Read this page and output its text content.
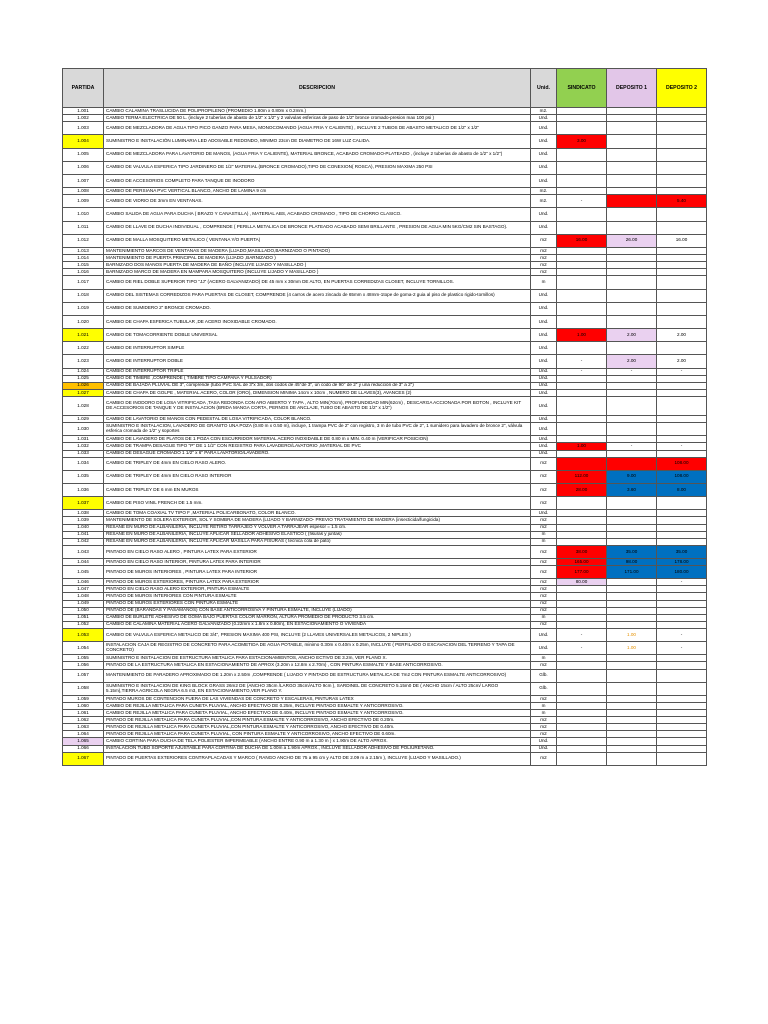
PARTIDA	DESCRIPCION	Unid.	SINDICATO	DEPOSITO 1	DEPOSITO 2
1.001	CAMBIO CALAMINA TRASLUCIDA DE POLIPROPILENO (PROMEDIO 1.80m x 0.80m x 0.2mm.)	m2.			
1.002	CAMBIO TERMA ELECTRICA DE 50 L. (incluye 2 tuberías de abasto de 1/2" x 1/2" y 2 valvulas esfericas de paso de 1/2" bronce cromado-presion max 100 psi )	Und.			
1.003	CAMBIO DE MEZCLADORA DE AGUA TIPO PICO GANZO PARA MESA, MONOCOMANDO (AGUA FRIA Y CALIENTE) , INCLUYE 2 TUBOS DE ABASTO METALICO DE 1/2" x 1/2"	Und.			
1.004	SUMINISTRO E INSTALACIÓN LUMINARIA LED ADOSABLE REDONDO, MINIMO 23cm DE DIAMETRO DE 16W LUZ CALIDA.	Und.	3.00		
1.005	CAMBIO DE MEZCLADORA PARA LAVATORIO DE MANOS, (AGUA FRIA Y CALIENTE), MATERIAL BRONCE, ACABADO CROMADO-PLATEADO , (incluye 2 tuberias de abasto de 1/2" x 1/2")	Und.			
1.006	CAMBIO DE VALVULA ESFERICA TIPO JARDINERO DE 1/2" MATERIAL (BRONCE CROMADO),TIPO DE CONEXION( ROSCA), PRESION MAXIMA 250 PSI	Und.			
1.007	CAMBIO DE ACCESORIOS COMPLETO PARA TANQUE DE INODORO	Und.			
1.008	CAMBIO DE PERSIANA PVC VERTICAL BLANCO, ANCHO DE LAMINA 9 cm	m2.			
1.009	CAMBIO DE VIDRIO DE 3mm EN VENTANAS.	m2.	-		5.40
1.010	CAMBIO SALIDA DE AGUA PARA DUCHA ( BRAZO Y CANASTILLA) , MATERIAL ABS, ACABADO CROMADO , TIPO DE CHORRO CLASICO.	Und.			
1.011	CAMBIO DE LLAVE DE DUCHA INDIVIDUAL , COMPRENDE ( PERILLA METALICA DE BRONCE PLATEADO ACABADO SEMI BRILLANTE , PRESION DE AGUA MIN 5KG/CM2 SIN BASTAGO).	Und.			
1.012	CAMBIO DE MALLA MOSQUITERO METALICO ( VENTANA Y/O PUERTA)	m2	16.00	26.00	16.00
1.013	MANTENIMIENTO MARCOS DE VENTANAS DE MADERA (LIJADO,MASILLADO,BARNIZADO O PINTADO)	m2			
1.014	MANTENIMIENTO DE PUERTA PRINCIPAL DE MADERA (LIJADO ,BARNIZADO )	m2			
1.015	BARNIZADO DOS MANOS PUERTA DE MADERA DE BAÑO (INCLUYE LIJADO Y MASILLADO )	m2			
1.016	BARNIZADO MARCO DE MADERA EN MAMPARA MOSQUITERO (INCLUYE LIJADO Y MASILLADO )	m2			
1.017	CAMBIO DE RIEL DOBLE SUPERIOR TIPO "JJ" (ACERO GALVANIZADO) DE 45 mm x 30mm DE ALTO, EN PUERTAS CORREDIZAS CLOSET, INCLUYE TORNILLOS.	m			
1.018	CAMBIO DEL SISTEMAS CORREDIZOS PARA PUERTAS DE CLOSET, COMPRENDE (4 carros de acero zincado de 65mm x 48mm-1tope de goma-2 guia al piso de plastico rigido-tornillos)	Und.			
1.019	CAMBIO DE SUMIDERO 2" BRONCE CROMADO.	Und.			
1.020	CAMBIO DE CHAPA ESFERICA TUBULAR ,DE ACERO INOXIDABLE CROMADO.	Und.			
1.021	CAMBIO DE TOMACORRIENTE DOBLE UNIVERSAL	Und.	1.00	2.00	2.00
1.022	CAMBIO DE INTERRUPTOR SIMPLE	Und.			
1.023	CAMBIO DE INTERRUPTOR DOBLE	Und.	-	2.00	2.00
1.024	CAMBIO DE INTERRUPTOR TRIPLE	Und.	-	-	-
1.025	CAMBIO DE TIMBRE ,COMPRENDE ( TIMBRE TIPO CAMPANA Y PULSADOR)	Und.			
1.026	CAMBIO DE BAJADA PLUVIAL DE 3", comprende (tubo PVC SAL de 3"x 3m, dos codos de 45°de 3", un codo de 90° de 2" y una reducción de 3" a 2")	Und.			
1.027	CAMBIO DE CHAPA DE GOLPE , MATERIAL ACERO, COLOR (ORO), DIMENSION MINIMA 14cm x 10cm , NUMERO DE LLAVES(3), AVANCES (2)	Und.			
1.028	CAMBIO DE INODORO DE LOSA VITRIFICADA ,TASA REDONDA CON ARO ABIERTO Y TAPA , ALTO MIN(70cm), PROFUNDIDAD MIN(62cm) , DESCARGA ACCIONADA POR BOTON , INCLUYE KIT DE ACCESORIOS DE TANQUE Y DE INSTALACION (BRIDA MANGA CORTA, PERNOS DE ANCLAJE, TUBO DE ABASTO DE 1/2" x 1/2")	Und.			
1.029	CAMBIO DE LAVATORIO DE MANOS CON PEDESTAL DE LOSA VITRIFICADA, COLOR BLANCO.	Und.			
1.030	SUMINISTRO E INSTALACION, LAVADERO DE GRANITO UNA POZA (0.80 m x 0.50 m), incluye, 1 trampa PVC de 2" con registro, 3 m de tubo PVC de 2", 1 sumidero para lavadero de bronce 2", válvula esferica cromada de 1/2" y soportes	Und.			
1.031	CAMBIO DE LAVADERO DE PLATOS DE 1 POZA CON ESCURRIDOR MATERIAL ACERO INOXIDABLE DE 0.80 m x MIN. 0.40 m (VERIFICAR POSICION)	Und.			
1.032	CAMBIO DE TRAMPA DESAGUE TIPO "P" DE 1 1/2" CON REGISTRO PARA LAVADERO/LAVATORIO ,MATERIAL DE PVC	Und.	1.00	-	-
1.033	CAMBIO DE DESAGUE CROMADO 1 1/2" x 6" PARA LAVATORIO/LAVADERO.	Und.			
1.034	CAMBIO DE TRIPLEY DE 4mm EN CIELO RASO ALERO.	m2			108.00
1.035	CAMBIO DE TRIPLEY DE 4mm EN CIELO RASO INTERIOR	m2	112.00	9.00	108.00
1.036	CAMBIO DE TRIPLEY DE 6 mm EN MUROS	m2	28.00	3.60	8.00
1.037	CAMBIO DE PISO VINIL FRENCH DE 1.5 mm.	m2			
1.038	CAMBIO DE TOMA COAXIAL TV TIPO F ,MATERIAL POLICARBONATO, COLOR BLANCO.	Und.			
1.039	MANTENIMIENTO DE SOLERA EXTERIOR, SOL Y SOMBRA DE MADERA (LIJADO Y BARNIZADO- PREVIO TRATAMIENTO DE MADERA (insecticida/fungicida)	m2			
1.040	RESANE EN MURO DE ALBAÑILERIA, INCLUYE RETIRO TARRAJEO Y VOLVER A TARRAJEAR espesor = 1.5 cm.	m2			
1.041	RESANE EN MURO DE ALBAÑILERIA, INCLUYE APLICAR SELLADOR ADHESIVO ELASTICO ( (fisuras y juntas)	m			
1.042	RESANE EN MURO DE ALBAÑILERIA, INCLUYE APLICAR MASILLA PARA FISURAS ( tecnica cola de pato)	m			
1.043	PINTADO EN CIELO RASO ALERO , PINTURA LATEX PARA EXTERIOR	m2	38.00	35.00	35.00
1.044	PINTADO EN CIELO RASO INTERIOR, PINTURA LATEX PARA INTERIOR	m2	165.00	98.00	178.00
1.045	PINTADO DE MUROS INTERIORES , PINTURA LATEX PARA INTERIOR	m2	177.00	171.00	180.00
1.046	PINTADO DE MUROS EXTERIORES, PINTURA LATEX PARA EXTERIOR	m2	80.00		-
1.047	PINTADO EN CIELO RASO ALERO EXTERIOR, PINTURA ESMALTE	m2			
1.048	PINTADO DE MUROS INTERIORES CON PINTURA ESMALTE	m2			
1.049	PINTADO DE MUROS EXTERIORES CON PINTURA ESMALTE	m2			
1.050	PINTADO DE (BARANDAS Y PASAMANOS) CON BASE ANTICORROSIVA Y PINTURA ESMALTE, INCLUYE (LIJADO)	m2			
1.051	CAMBIO DE BURLETE ADHESIVO DE GOMA BAJO PUERTAS COLOR MARRON, ALTURA PROMEDIO DE PRODUCTO 3.5 cm.	m			
1.052	CAMBIO DE CALAMINA MATERIAL ACERO GALVANIZADO (0.22mm x 1.8m x 0.80m), EN ESTACIONAMIENTO O VIVIENDA	m2			
1.053	CAMBIO DE VALVULA ESFERICA METALICO DE 3/4", PRESION MAXIMA 400 PSI, INCLUYE (2 LLAVES UNIVERSALES METALICOS, 2 NIPLES )	Und.	-	1.00	-
1.054	INSTALACION CAJA DE REGISTRO DE CONCRETO PARA ACOMETIDA DE AGUA POTABLE, minimo 0.30m x 0.40m x 0.25m, INCLUYE ( PERFILADO O EXCAVACION DEL TERRENO Y TAPA DE CONCRETO)	Und.	-	1.00	-
1.055	SUMINISTRO E INSTALACION DE ESTRUCTURA METALICA PARA ESTACIONAMIENTOS, ANCHO ECTIVO DE 3.2m, VER PLANO X.	m			
1.056	PINTADO DE LA ESTRUCTURA METALICA EN ESTACIONAMIENTO DE APROX (3.20m x 12.8m x 2.70m) , CON PINTURA ESMALTE Y BASE ANTICORROSIVO.	m2			
1.057	MANTENIMIENTO DE PARADERO APROXIMADO DE 1.20m x 2.50m ,COMPRENDE ( LIJADO Y PINTADO DE ESTRUCTURA METALICA DE 7m2 CON PINTURA ESMALTE ANTICORROSIVO)	Glb.			
1.058	SUMINISTRO E INSTALACION DE KING BLOCK GRASS 26m2 DE (ANCHO 35cm /LARGO 35cm/ALTO 9cm ), SARDINEL DE CONCRETO 5.15m0 DE ( ANCHO 15cm / ALTO 25cm/ LARGO 5.15m),TIERRA AGRICOLA NEGRA 6.5 m3, EN ESTACIONAMIENTO,VER PLANO Y.	Glb.			
1.059	PINTADO MUROS DE CONTENCION FUERA DE LAS VIVIENDAS DE CONCRETO Y ESCALERAS, PINTURAS LATEX	m2			
1.060	CAMBIO DE REJILLA METALICA PARA CUNETA PLUVIAL, ANCHO EFECTIVO DE 0.25m, INCLUYE PINTADO ESMALTE Y ANTICORROSIVO.	m			
1.061	CAMBIO DE REJILLA METALICA PARA CUNETA PLUVIAL, ANCHO EFECTIVO DE 0.40m, INCLUYE PINTADO ESMALTE Y ANTICORROSIVO.	m			
1.062	PINTADO DE REJILLA METALICA PARA CUNETA PLUVIAL,CON PINTURA ESMALTE Y ANTICORROSIVO, ANCHO EFECTIVO DE 0.20m.	m2			
1.063	PINTADO DE REJILLA METALICA PARA CUNETA PLUVIAL,CON PINTURA ESMALTE Y ANTICORROSIVO, ANCHO EFECTIVO DE 0.40m.	m2			
1.064	PINTADO DE REJILLA METALICA PARA CUNETA PLUVIAL, CON PINTURA ESMALTE Y ANTICORROSIVO, ANCHO EFECTIVO DE 0.60m.	m2			
1.065	CAMBIO CORTINA PARA DUCHA DE TELA POLIESTER IMPERMEABLE (ANCHO ENTRE 0.90 m a 1.30 m ) x 1.90m DE ALTO APROX.	Und.			
1.066	INSTALACION TUBO SOPORTE AJUSTABLE PARA CORTINA DE DUCHA DE 1.00m a 1.90m APROX., INCLUYE SELLADOR ADHESIVO DE POLIURETANO.	Und.			
1.067	PINTADO DE PUERTAS EXTERIORES CONTRAPLACADAS Y MARCO ( RANGO ANCHO DE 75 a 95 cm y ALTO DE 2.09 m a 2.15m ), INCLUYE (LIJADO Y MASILLADO.)	m2			
